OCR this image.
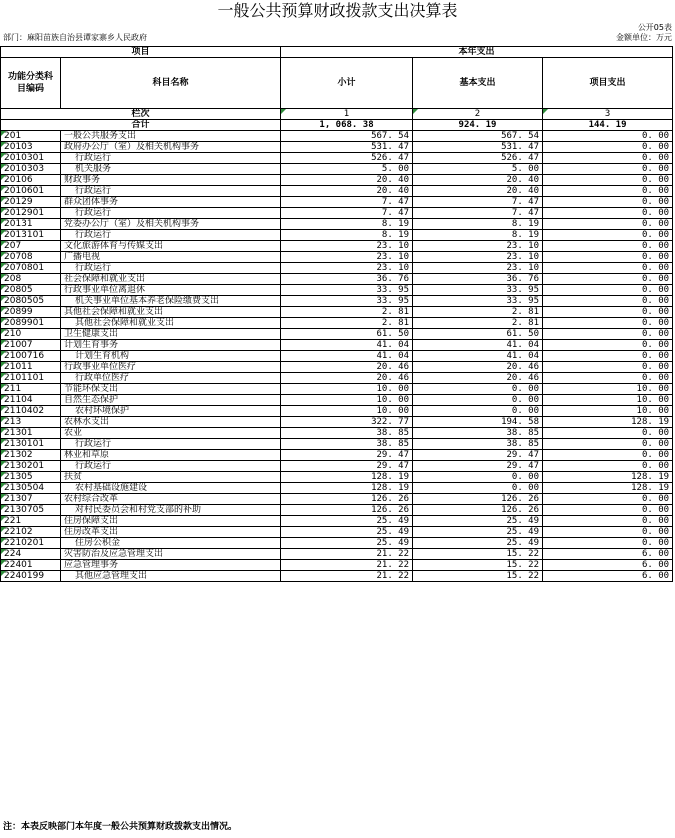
一般公共预算财政拨款支出决算表
公开05表
部门：麻阳苗族自治县谭家寨乡人民政府	金额单位：万元
项目		本年支出		
功能分类科目编码	科目名称	小计	基本支出	项目支出
栏次		1	2	3
合计		1, 068. 38	924. 19	144. 19
201	一般公共服务支出	567. 54	567. 54	0. 00
20103	政府办公厅（室）及相关机构事务	531. 47	531. 47	0. 00
2010301	行政运行	526. 47	526. 47	0. 00
2010303	机关服务	5. 00	5. 00	0. 00
20106	财政事务	20. 40	20. 40	0. 00
2010601	行政运行	20. 40	20. 40	0. 00
20129	群众团体事务	7. 47	7. 47	0. 00
2012901	行政运行	7. 47	7. 47	0. 00
20131	党委办公厅（室）及相关机构事务	8. 19	8. 19	0. 00
2013101	行政运行	8. 19	8. 19	0. 00
207	文化旅游体育与传媒支出	23. 10	23. 10	0. 00
20708	广播电视	23. 10	23. 10	0. 00
2070801	行政运行	23. 10	23. 10	0. 00
208	社会保障和就业支出	36. 76	36. 76	0. 00
20805	行政事业单位离退休	33. 95	33. 95	0. 00
2080505	机关事业单位基本养老保险缴费支出	33. 95	33. 95	0. 00
20899	其他社会保障和就业支出	2. 81	2. 81	0. 00
2089901	其他社会保障和就业支出	2. 81	2. 81	0. 00
210	卫生健康支出	61. 50	61. 50	0. 00
21007	计划生育事务	41. 04	41. 04	0. 00
2100716	计划生育机构	41. 04	41. 04	0. 00
21011	行政事业单位医疗	20. 46	20. 46	0. 00
2101101	行政单位医疗	20. 46	20. 46	0. 00
211	节能环保支出	10. 00	0. 00	10. 00
21104	自然生态保护	10. 00	0. 00	10. 00
2110402	农村环境保护	10. 00	0. 00	10. 00
213	农林水支出	322. 77	194. 58	128. 19
21301	农业	38. 85	38. 85	0. 00
2130101	行政运行	38. 85	38. 85	0. 00
21302	林业和草原	29. 47	29. 47	0. 00
2130201	行政运行	29. 47	29. 47	0. 00
21305	扶贫	128. 19	0. 00	128. 19
2130504	农村基础设施建设	128. 19	0. 00	128. 19
21307	农村综合改革	126. 26	126. 26	0. 00
2130705	对村民委员会和村党支部的补助	126. 26	126. 26	0. 00
221	住房保障支出	25. 49	25. 49	0. 00
22102	住房改革支出	25. 49	25. 49	0. 00
2210201	住房公积金	25. 49	25. 49	0. 00
224	灾害防治及应急管理支出	21. 22	15. 22	6. 00
22401	应急管理事务	21. 22	15. 22	6. 00
2240199	其他应急管理支出	21. 22	15. 22	6. 00
注：本表反映部门本年度一般公共预算财政拨款支出情况。
